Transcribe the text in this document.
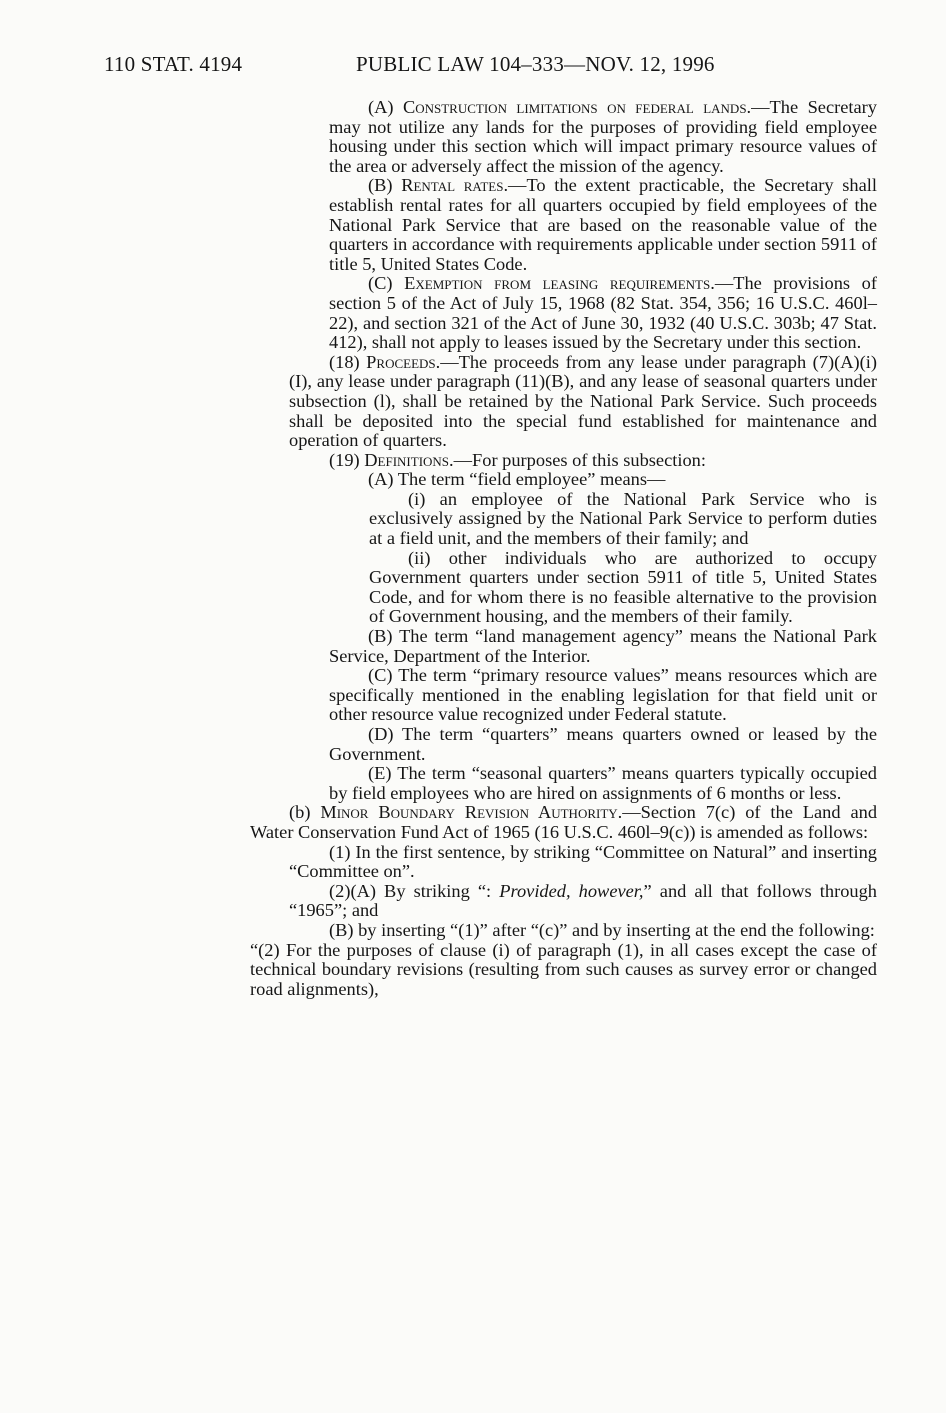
110 STAT. 4194	PUBLIC LAW 104–333—NOV. 12, 1996

(A) Construction limitations on federal lands.—The Secretary may not utilize any lands for the purposes of providing field employee housing under this section which will impact primary resource values of the area or adversely affect the mission of the agency.

(B) Rental rates.—To the extent practicable, the Secretary shall establish rental rates for all quarters occupied by field employees of the National Park Service that are based on the reasonable value of the quarters in accordance with requirements applicable under section 5911 of title 5, United States Code.

(C) Exemption from leasing requirements.—The provisions of section 5 of the Act of July 15, 1968 (82 Stat. 354, 356; 16 U.S.C. 460l–22), and section 321 of the Act of June 30, 1932 (40 U.S.C. 303b; 47 Stat. 412), shall not apply to leases issued by the Secretary under this section.

(18) Proceeds.—The proceeds from any lease under paragraph (7)(A)(i)(I), any lease under paragraph (11)(B), and any lease of seasonal quarters under subsection (l), shall be retained by the National Park Service. Such proceeds shall be deposited into the special fund established for maintenance and operation of quarters.

(19) Definitions.—For purposes of this subsection:

(A) The term “field employee” means—

(i) an employee of the National Park Service who is exclusively assigned by the National Park Service to perform duties at a field unit, and the members of their family; and

(ii) other individuals who are authorized to occupy Government quarters under section 5911 of title 5, United States Code, and for whom there is no feasible alternative to the provision of Government housing, and the members of their family.

(B) The term “land management agency” means the National Park Service, Department of the Interior.

(C) The term “primary resource values” means resources which are specifically mentioned in the enabling legislation for that field unit or other resource value recognized under Federal statute.

(D) The term “quarters” means quarters owned or leased by the Government.

(E) The term “seasonal quarters” means quarters typically occupied by field employees who are hired on assignments of 6 months or less.

(b) Minor Boundary Revision Authority.—Section 7(c) of the Land and Water Conservation Fund Act of 1965 (16 U.S.C. 460l–9(c)) is amended as follows:

(1) In the first sentence, by striking “Committee on Natural” and inserting “Committee on”.

(2)(A) By striking “: Provided, however,” and all that follows through “1965”; and

(B) by inserting “(1)” after “(c)” and by inserting at the end the following:

“(2) For the purposes of clause (i) of paragraph (1), in all cases except the case of technical boundary revisions (resulting from such causes as survey error or changed road alignments),
